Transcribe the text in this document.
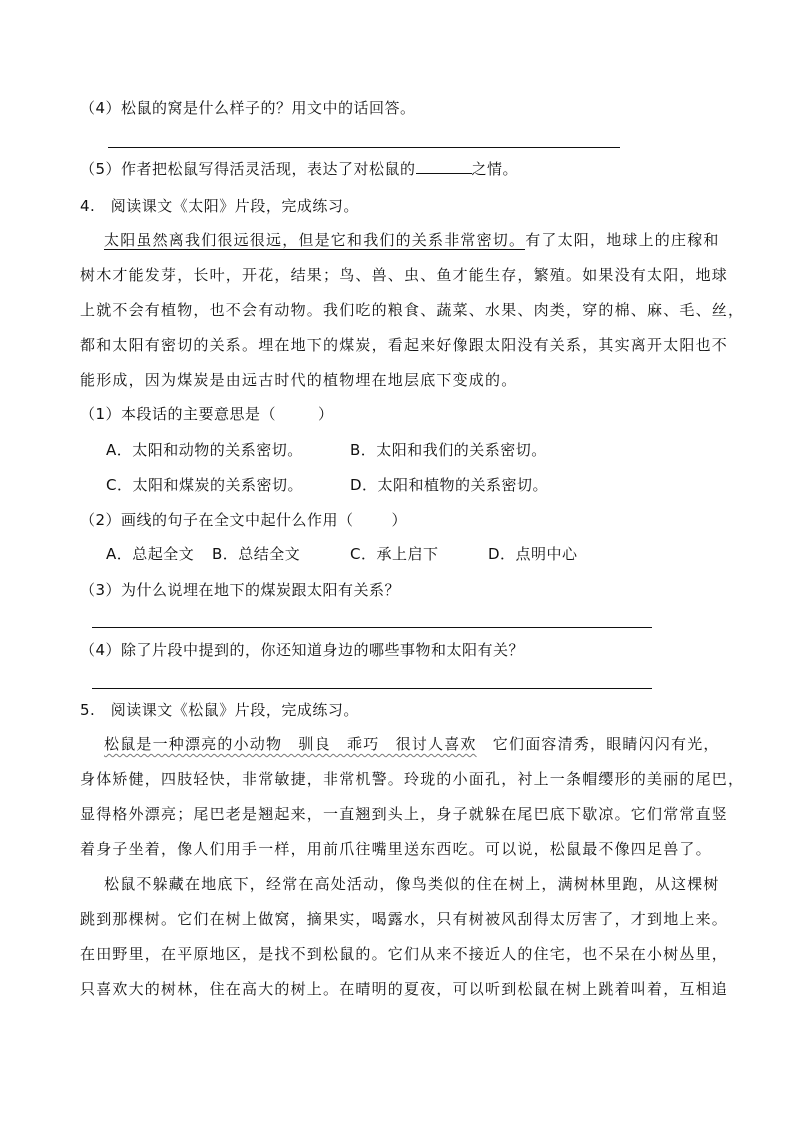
（4）松鼠的窝是什么样子的？用文中的话回答。
（5）作者把松鼠写得活灵活现，表达了对松鼠的	之情。
4.　阅读课文《太阳》片段，完成练习。
太阳虽然离我们很远很远，但是它和我们的关系非常密切。有了太阳，地球上的庄稼和
树木才能发芽，长叶，开花，结果；鸟、兽、虫、鱼才能生存，繁殖。如果没有太阳，地球
上就不会有植物，也不会有动物。我们吃的粮食、蔬菜、水果、肉类，穿的棉、麻、毛、丝，
都和太阳有密切的关系。埋在地下的煤炭，看起来好像跟太阳没有关系，其实离开太阳也不
能形成，因为煤炭是由远古时代的植物埋在地层底下变成的。
（1）本段话的主要意思是（	）
A．太阳和动物的关系密切。	B．太阳和我们的关系密切。
C．太阳和煤炭的关系密切。	D．太阳和植物的关系密切。
（2）画线的句子在全文中起什么作用（	）
A．总起全文 B．总结全文	C．承上启下	D．点明中心
（3）为什么说埋在地下的煤炭跟太阳有关系？
（4）除了片段中提到的，你还知道身边的哪些事物和太阳有关？
5.　阅读课文《松鼠》片段，完成练习。
松鼠是一种漂亮的小动物　驯良　乖巧　很讨人喜欢　它们面容清秀，眼睛闪闪有光，
身体矫健，四肢轻快，非常敏捷，非常机警。玲珑的小面孔，衬上一条帽缨形的美丽的尾巴，
显得格外漂亮；尾巴老是翘起来，一直翘到头上，身子就躲在尾巴底下歇凉。它们常常直竖
着身子坐着，像人们用手一样，用前爪往嘴里送东西吃。可以说，松鼠最不像四足兽了。
松鼠不躲藏在地底下，经常在高处活动，像鸟类似的住在树上，满树林里跑，从这棵树
跳到那棵树。它们在树上做窝，摘果实，喝露水，只有树被风刮得太厉害了，才到地上来。
在田野里，在平原地区，是找不到松鼠的。它们从来不接近人的住宅，也不呆在小树丛里，
只喜欢大的树林，住在高大的树上。在晴明的夏夜，可以听到松鼠在树上跳着叫着，互相追
